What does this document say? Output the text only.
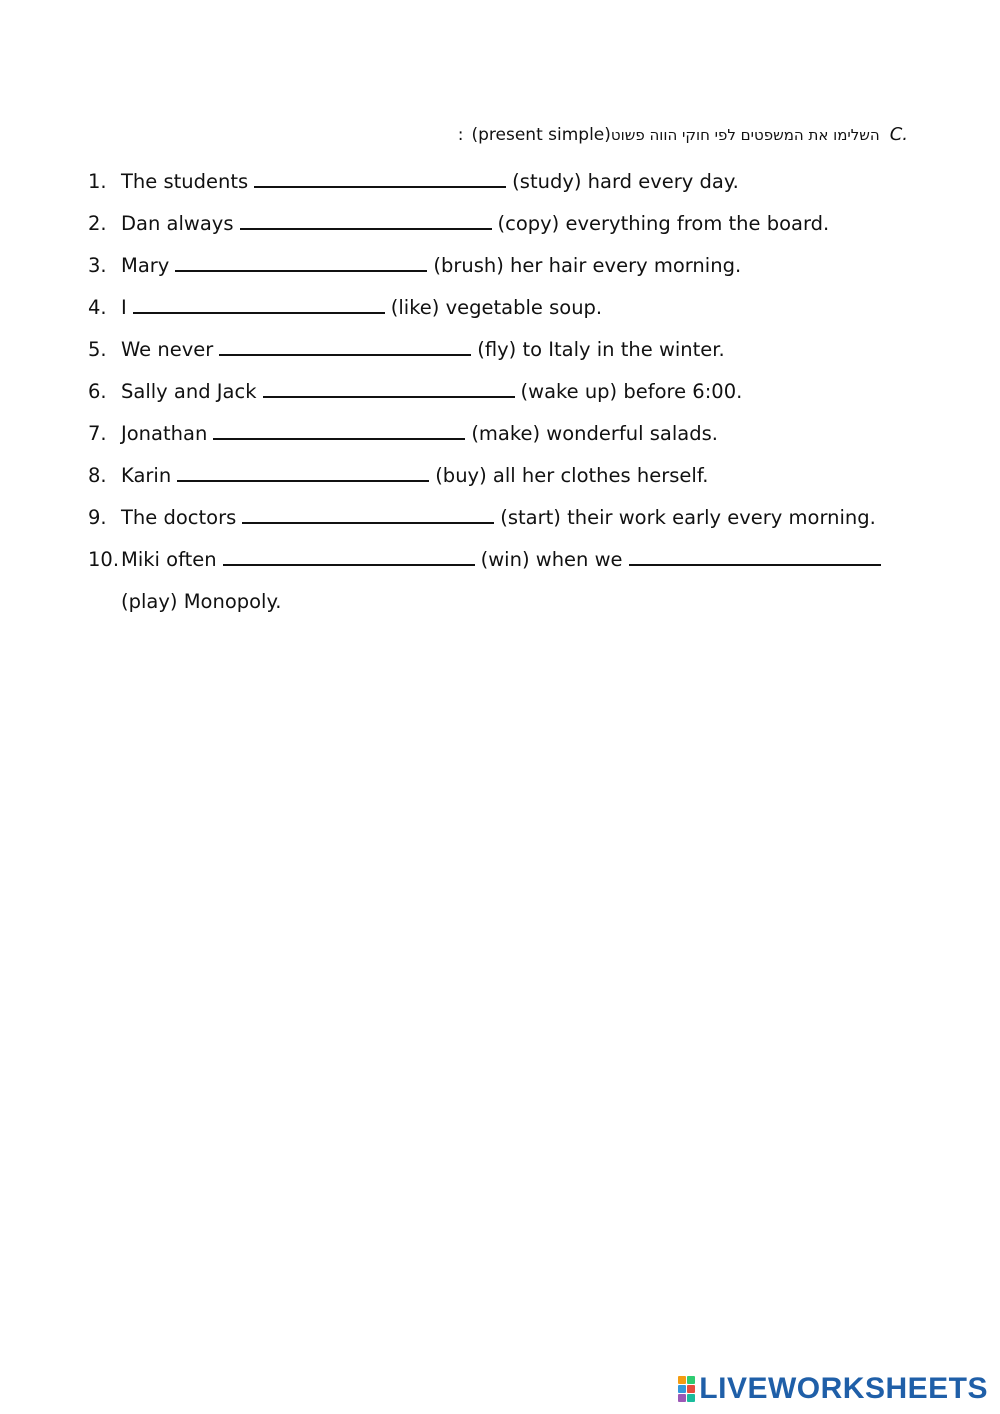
: (present simple) השלימו את המשפטים לפי חוקי הווה פשוט C.
1. The students	(study) hard every day.
2. Dan always	(copy) everything from the board.
3. Mary	(brush) her hair every morning.
4. I	(like) vegetable soup.
5. We never	(fly) to Italy in the winter.
6. Sally and Jack	(wake up) before 6:00.
7. Jonathan	(make) wonderful salads.
8. Karin	(buy) all her clothes herself.
9. The doctors	(start) their work early every morning.
10. Miki often	(win) when we
(play) Monopoly.
LIVEWORKSHEETS
